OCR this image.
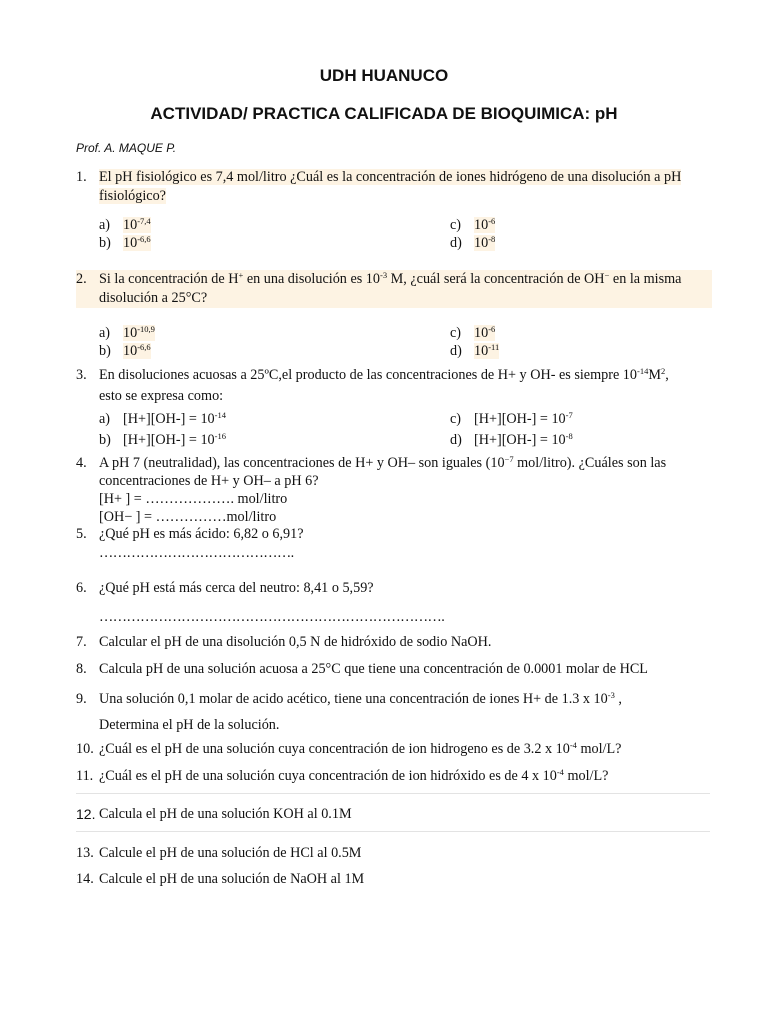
UDH HUANUCO
ACTIVIDAD/ PRACTICA CALIFICADA DE BIOQUIMICA: pH
Prof. A. MAQUE P.
1. El pH fisiológico es 7,4 mol/litro ¿Cuál es la concentración de iones hidrógeno de una disolución a pH fisiológico?
a) $10^{-7,4}$
b) $10^{-6,6}$
c) $10^{-6}$
d) $10^{-8}$
2. Si la concentración de H+ en una disolución es $10^{-3}$ M, ¿cuál será la concentración de OH− en la misma disolución a 25°C?
a) $10^{-10,9}$
b) $10^{-6,6}$
c) $10^{-6}$
d) $10^{-11}$
3. En disoluciones acuosas a 25ºC,el producto de las concentraciones de H+ y OH- es siempre $10^{-14}M^2$,
esto se expresa como:
a) $[H+][OH-] = 10^{-14}$
b) $[H+][OH-] = 10^{-16}$
c) $[H+][OH-] = 10^{-7}$
d) $[H+][OH-] = 10^{-8}$
4. A pH 7 (neutralidad), las concentraciones de H+ y OH– son iguales ($10^{-7}$ mol/litro). ¿Cuáles son las concentraciones de H+ y OH– a pH 6?
[H+ ] = ………………. mol/litro
[OH− ] = ……………mol/litro
5. ¿Qué pH es más ácido: 6,82 o 6,91?
…………………………………….
6. ¿Qué pH está más cerca del neutro: 8,41 o 5,59?
………………………………………………………………….
7. Calcular el pH de una disolución 0,5 N de hidróxido de sodio NaOH.
8. Calcula pH de una solución acuosa a 25°C que tiene una concentración de 0.0001 molar de HCL
9. Una solución 0,1 molar de acido acético, tiene una concentración de iones H+ de 1.3 x $10^{-3}$ ,
Determina el pH de la solución.
10. ¿Cuál es el pH de una solución cuya concentración de ion hidrogeno es de 3.2 x $10^{-4}$ mol/L?
11. ¿Cuál es el pH de una solución cuya concentración de ion hidróxido es de 4 x $10^{-4}$ mol/L?
12. Calcula el pH de una solución KOH al 0.1M
13. Calcule el pH de una solución de HCl al 0.5M
14. Calcule el pH de una solución de NaOH al 1M
